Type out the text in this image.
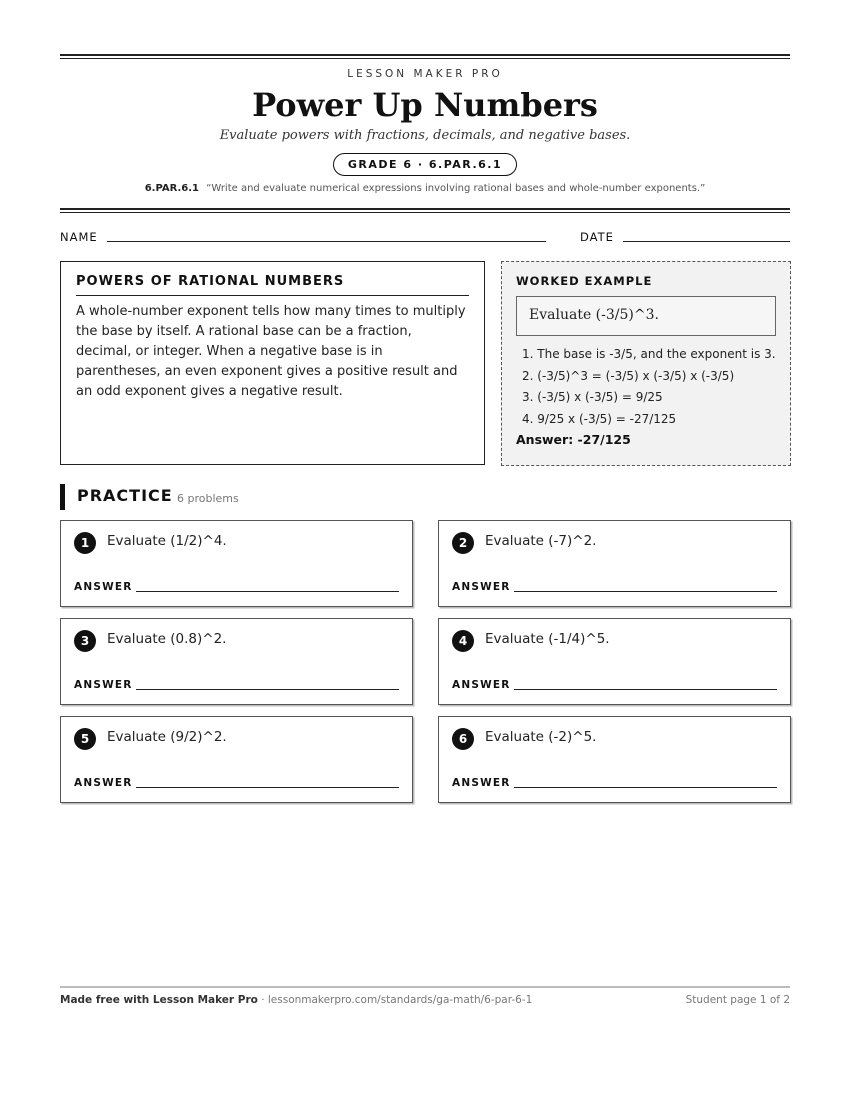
LESSON MAKER PRO
Power Up Numbers
Evaluate powers with fractions, decimals, and negative bases.
GRADE 6 · 6.PAR.6.1
6.PAR.6.1 “Write and evaluate numerical expressions involving rational bases and whole-number exponents.”
NAME	DATE
POWERS OF RATIONAL NUMBERS
A whole-number exponent tells how many times to multiply the base by itself. A rational base can be a fraction, decimal, or integer. When a negative base is in parentheses, an even exponent gives a positive result and an odd exponent gives a negative result.
WORKED EXAMPLE
Evaluate (-3/5)^3.
1. The base is -3/5, and the exponent is 3.
2. (-3/5)^3 = (-3/5) x (-3/5) x (-3/5)
3. (-3/5) x (-3/5) = 9/25
4. 9/25 x (-3/5) = -27/125
Answer: -27/125
PRACTICE 6 problems
1	Evaluate (1/2)^4.
ANSWER
2	Evaluate (-7)^2.
ANSWER
3	Evaluate (0.8)^2.
ANSWER
4	Evaluate (-1/4)^5.
ANSWER
5	Evaluate (9/2)^2.
ANSWER
6	Evaluate (-2)^5.
ANSWER
Made free with Lesson Maker Pro · lessonmakerpro.com/standards/ga-math/6-par-6-1	Student page 1 of 2
